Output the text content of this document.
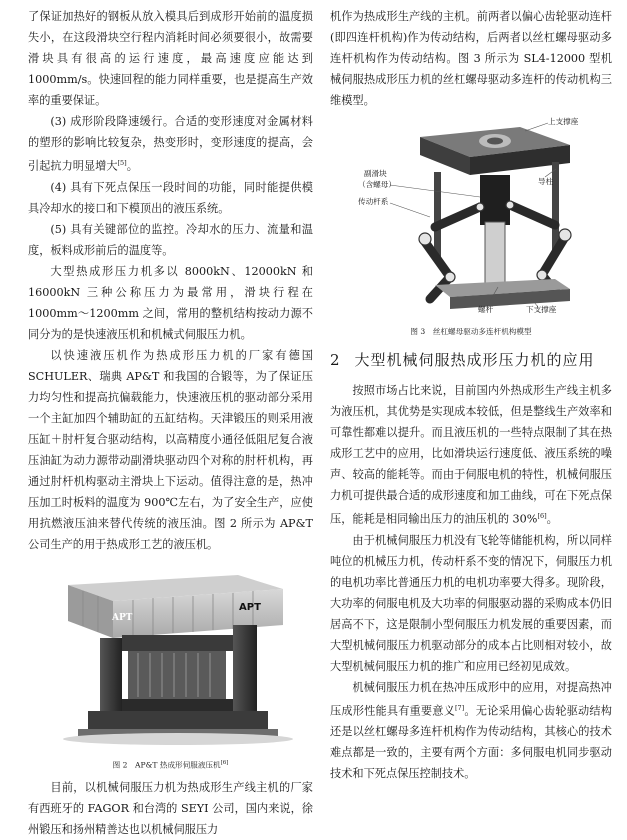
了保证加热好的钢板从放入模具后到成形开始前的温度损失小，在这段滑块空行程内消耗时间必须要很小，故需要滑块具有很高的运行速度，最高速度应能达到 1000mm/s。快速回程的能力同样重要，也是提高生产效率的重要保证。

(3) 成形阶段降速缓行。合适的变形速度对金属材料的塑形的影响比较复杂，热变形时，变形速度的提高，会引起抗力明显增大[5]。

(4) 具有下死点保压一段时间的功能，同时能提供模具冷却水的接口和下模顶出的液压系统。

(5) 具有关键部位的监控。冷却水的压力、流量和温度，板料成形前后的温度等。

大型热成形压力机多以 8000kN、12000kN 和 16000kN 三种公称压力为最常用，滑块行程在 1000mm～1200mm 之间，常用的整机结构按动力源不同分为的是快速液压机和机械式伺服压力机。

以快速液压机作为热成形压力机的厂家有德国 SCHULER、瑞典 AP&T 和我国的合锻等，为了保证压力均匀性和提高抗偏载能力，快速液压机的驱动部分采用一个主缸加四个辅助缸的五缸结构。天津锻压的则采用液压缸＋肘杆复合驱动结构，以高精度小通径低阻尼复合液压油缸为动力源带动副滑块驱动四个对称的肘杆机构，再通过肘杆机构驱动主滑块上下运动。值得注意的是，热冲压加工时板料的温度为 900℃左右，为了安全生产，应使用抗燃液压油来替代传统的液压油。图 2 所示为 AP&T 公司生产的用于热成形工艺的液压机。

APT
APT
图 2　AP&T 热成形伺服液压机[6]

目前，以机械伺服压力机为热成形生产线主机的厂家有西班牙的 FAGOR 和台湾的 SEYI 公司，国内来说，徐州锻压和扬州精善达也以机械伺服压力

机作为热成形生产线的主机。前两者以偏心齿轮驱动连杆(即四连杆机构)作为传动结构，后两者以丝杠螺母驱动多连杆机构作为传动结构。图 3 所示为 SL4-12000 型机械伺服热成形压力机的丝杠螺母驱动多连杆的传动机构三维模型。

上支撑座
副滑块
（含螺母）	导柱
传动杆系
螺杆	下支撑座
图 3　丝杠螺母驱动多连杆机构模型
2 大型机械伺服热成形压力机的应用

按照市场占比来说，目前国内外热成形生产线主机多为液压机，其优势是实现成本较低，但是整线生产效率和可靠性都难以提升。而且液压机的一些特点限制了其在热成形工艺中的应用，比如滑块运行速度低、液压系统的噪声、较高的能耗等。而由于伺服电机的特性，机械伺服压力机可提供最合适的成形速度和加工曲线，可在下死点保压，能耗是相同输出压力的油压机的 30%[6]。

由于机械伺服压力机没有飞轮等储能机构，所以同样吨位的机械压力机，传动杆系不变的情况下，伺服压力机的电机功率比普通压力机的电机功率要大得多。现阶段，大功率的伺服电机及大功率的伺服驱动器的采购成本仍旧居高不下，这是限制小型伺服压力机发展的重要因素，而大型机械伺服压力机驱动部分的成本占比则相对较小，故大型机械伺服压力机的推广和应用已经初见成效。

机械伺服压力机在热冲压成形中的应用，对提高热冲压成形性能具有重要意义[7]。无论采用偏心齿轮驱动结构还是以丝杠螺母多连杆机构作为传动结构，其核心的技术难点都是一致的，主要有两个方面：多伺服电机同步驱动技术和下死点保压控制技术。
